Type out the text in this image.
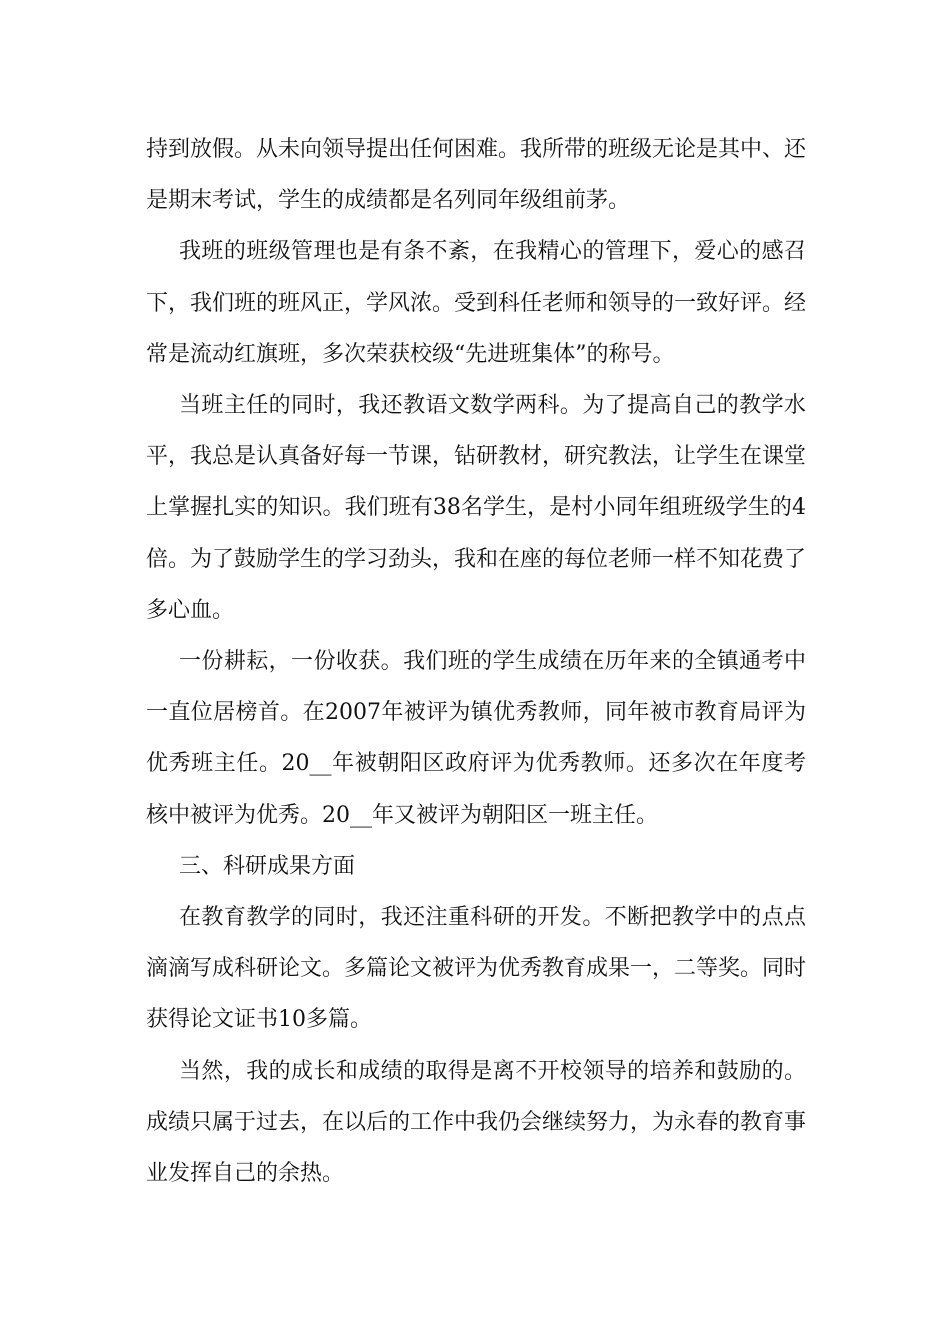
持到放假。从未向领导提出任何困难。我所带的班级无论是其中、还是期末考试，学生的成绩都是名列同年级组前茅。

我班的班级管理也是有条不紊，在我精心的管理下，爱心的感召下，我们班的班风正，学风浓。受到科任老师和领导的一致好评。经常是流动红旗班，多次荣获校级“先进班集体”的称号。

当班主任的同时，我还教语文数学两科。为了提高自己的教学水平，我总是认真备好每一节课，钻研教材，研究教法，让学生在课堂上掌握扎实的知识。我们班有38名学生，是村小同年组班级学生的4倍。为了鼓励学生的学习劲头，我和在座的每位老师一样不知花费了多心血。

一份耕耘，一份收获。我们班的学生成绩在历年来的全镇通考中一直位居榜首。在2007年被评为镇优秀教师，同年被市教育局评为优秀班主任。20__年被朝阳区政府评为优秀教师。还多次在年度考核中被评为优秀。20__年又被评为朝阳区一班主任。

三、科研成果方面

在教育教学的同时，我还注重科研的开发。不断把教学中的点点滴滴写成科研论文。多篇论文被评为优秀教育成果一，二等奖。同时获得论文证书10多篇。

当然，我的成长和成绩的取得是离不开校领导的培养和鼓励的。成绩只属于过去，在以后的工作中我仍会继续努力，为永春的教育事业发挥自己的余热。
